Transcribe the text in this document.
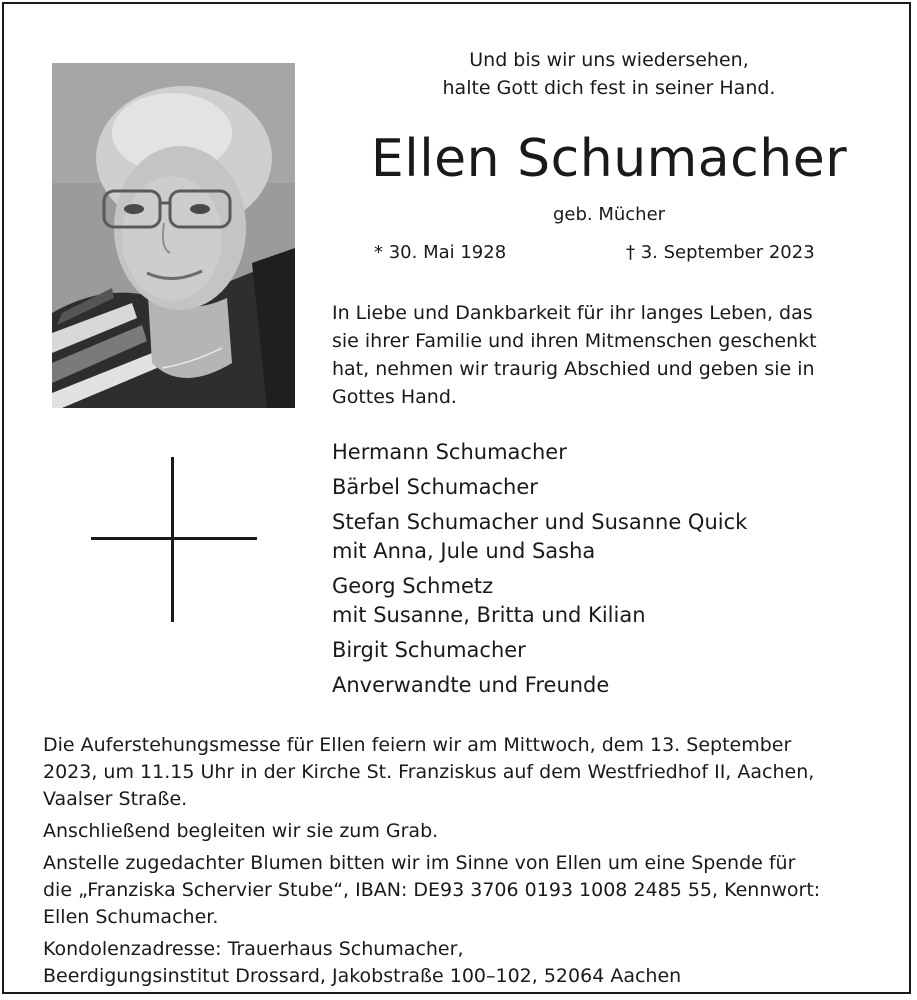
Und bis wir uns wiedersehen,
halte Gott dich fest in seiner Hand.
Ellen Schumacher
geb. Mücher
* 30. Mai 1928	† 3. September 2023
In Liebe und Dankbarkeit für ihr langes Leben, das
sie ihrer Familie und ihren Mitmenschen geschenkt
hat, nehmen wir traurig Abschied und geben sie in
Gottes Hand.
Hermann Schumacher
Bärbel Schumacher
Stefan Schumacher und Susanne Quick
mit Anna, Jule und Sasha
Georg Schmetz
mit Susanne, Britta und Kilian
Birgit Schumacher
Anverwandte und Freunde

Die Auferstehungsmesse für Ellen feiern wir am Mittwoch, dem 13. September
2023, um 11.15 Uhr in der Kirche St. Franziskus auf dem Westfriedhof II, Aachen,
Vaalser Straße.

Anschließend begleiten wir sie zum Grab.

Anstelle zugedachter Blumen bitten wir im Sinne von Ellen um eine Spende für
die „Franziska Schervier Stube“, IBAN: DE93 3706 0193 1008 2485 55, Kennwort:
Ellen Schumacher.

Kondolenzadresse: Trauerhaus Schumacher,
Beerdigungsinstitut Drossard, Jakobstraße 100–102, 52064 Aachen
